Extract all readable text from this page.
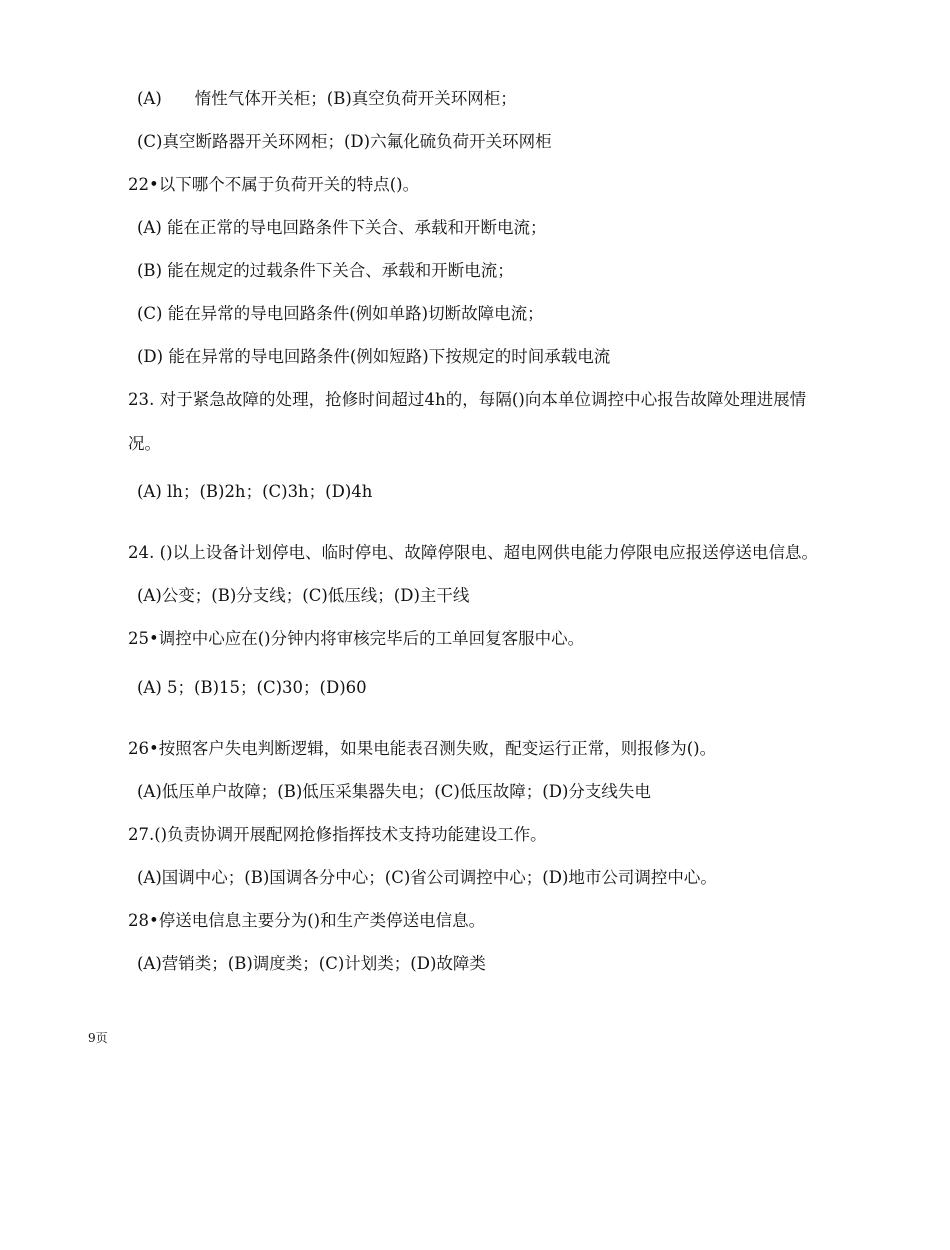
(A)　　惰性气体开关柜；(B)真空负荷开关环网柜；
(C)真空断路器开关环网柜；(D)六氟化硫负荷开关环网柜
22•以下哪个不属于负荷开关的特点()。
(A) 能在正常的导电回路条件下关合、承载和开断电流；
(B) 能在规定的过载条件下关合、承载和开断电流；
(C) 能在异常的导电回路条件(例如单路)切断故障电流；
(D) 能在异常的导电回路条件(例如短路)下按规定的时间承载电流
23. 对于紧急故障的处理，抢修时间超过4h的，每隔()向本单位调控中心报告故障处理进展情
况。
(A) lh；(B)2h；(C)3h；(D)4h
24. ()以上设备计划停电、临时停电、故障停限电、超电网供电能力停限电应报送停送电信息。
(A)公变；(B)分支线；(C)低压线；(D)主干线
25•调控中心应在()分钟内将审核完毕后的工单回复客服中心。
(A) 5；(B)15；(C)30；(D)60
26•按照客户失电判断逻辑，如果电能表召测失败，配变运行正常，则报修为()。
(A)低压单户故障；(B)低压采集器失电；(C)低压故障；(D)分支线失电
27.()负责协调开展配网抢修指挥技术支持功能建设工作。
(A)国调中心；(B)国调各分中心；(C)省公司调控中心；(D)地市公司调控中心。
28•停送电信息主要分为()和生产类停送电信息。
(A)营销类；(B)调度类；(C)计划类；(D)故障类
9页
